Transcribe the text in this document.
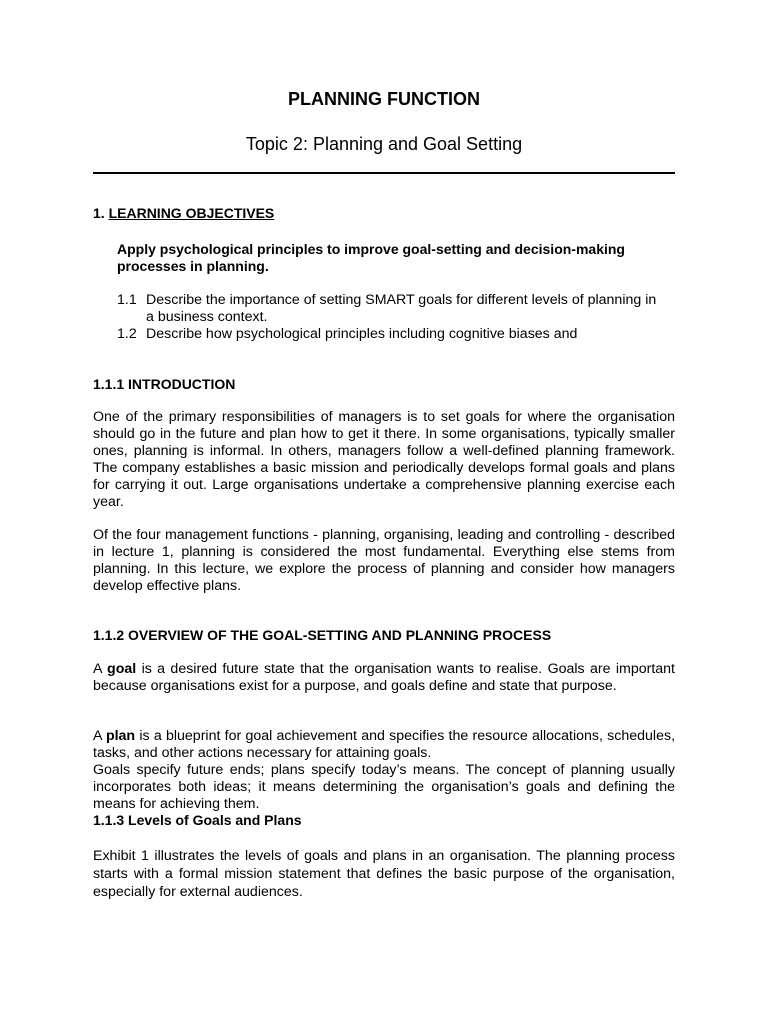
PLANNING FUNCTION
Topic 2: Planning and Goal Setting
1. LEARNING OBJECTIVES
Apply psychological principles to improve goal-setting and decision-making processes in planning.
1.1 Describe the importance of setting SMART goals for different levels of planning in a business context.
1.2 Describe how psychological principles including cognitive biases and
1.1.1 INTRODUCTION
One of the primary responsibilities of managers is to set goals for where the organisation should go in the future and plan how to get it there. In some organisations, typically smaller ones, planning is informal. In others, managers follow a well-defined planning framework. The company establishes a basic mission and periodically develops formal goals and plans for carrying it out. Large organisations undertake a comprehensive planning exercise each year.
Of the four management functions - planning, organising, leading and controlling - described in lecture 1, planning is considered the most fundamental. Everything else stems from planning. In this lecture, we explore the process of planning and consider how managers develop effective plans.
1.1.2 OVERVIEW OF THE GOAL-SETTING AND PLANNING PROCESS
A goal is a desired future state that the organisation wants to realise. Goals are important because organisations exist for a purpose, and goals define and state that purpose.
A plan is a blueprint for goal achievement and specifies the resource allocations, schedules, tasks, and other actions necessary for attaining goals.
Goals specify future ends; plans specify today’s means. The concept of planning usually incorporates both ideas; it means determining the organisation’s goals and defining the means for achieving them.
1.1.3 Levels of Goals and Plans
Exhibit 1 illustrates the levels of goals and plans in an organisation. The planning process starts with a formal mission statement that defines the basic purpose of the organisation, especially for external audiences.
